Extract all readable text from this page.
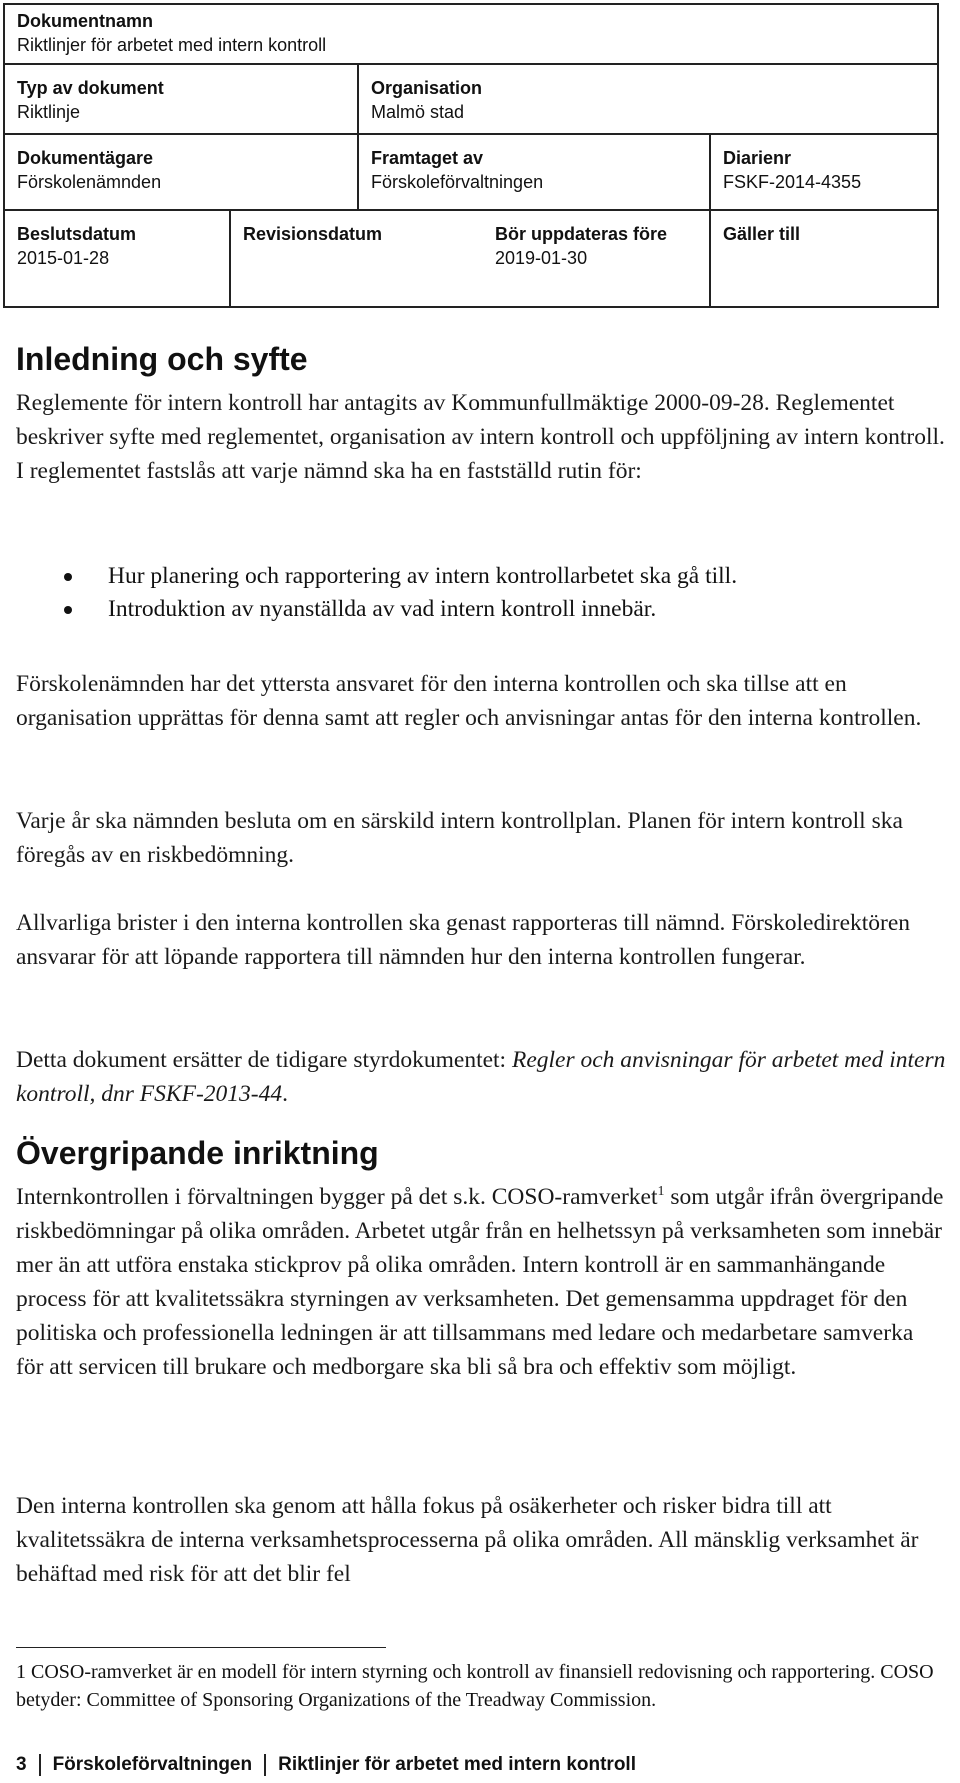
Dokumentnamn
Riktlinjer för arbetet med intern kontroll
Typ av dokument
Riktlinje
Organisation
Malmö stad
Dokumentägare
Förskolenämnden
Framtaget av
Förskoleförvaltningen
Diarienr
FSKF-2014-4355
Beslutsdatum
2015-01-28
Revisionsdatum	Bör uppdateras före
2019-01-30
Gäller till
Inledning och syfte

Reglemente för intern kontroll har antagits av Kommunfullmäktige 2000-09-28. Reglementet beskriver syfte med reglementet, organisation av intern kontroll och uppföljning av intern kontroll. I reglementet fastslås att varje nämnd ska ha en fastställd rutin för:

Hur planering och rapportering av intern kontrollarbetet ska gå till.
Introduktion av nyanställda av vad intern kontroll innebär.

Förskolenämnden har det yttersta ansvaret för den interna kontrollen och ska tillse att en organisation upprättas för denna samt att regler och anvisningar antas för den interna kontrollen.

Varje år ska nämnden besluta om en särskild intern kontrollplan. Planen för intern kontroll ska föregås av en riskbedömning.

Allvarliga brister i den interna kontrollen ska genast rapporteras till nämnd. Förskoledirektören ansvarar för att löpande rapportera till nämnden hur den interna kontrollen fungerar.

Detta dokument ersätter de tidigare styrdokumentet: Regler och anvisningar för arbetet med intern kontroll, dnr FSKF-2013-44.

Övergripande inriktning

Internkontrollen i förvaltningen bygger på det s.k. COSO-ramverket$^1$ som utgår ifrån övergripande riskbedömningar på olika områden. Arbetet utgår från en helhetssyn på verksamheten som innebär mer än att utföra enstaka stickprov på olika områden. Intern kontroll är en sammanhängande process för att kvalitetssäkra styrningen av verksamheten. Det gemensamma uppdraget för den politiska och professionella ledningen är att tillsammans med ledare och medarbetare samverka för att servicen till brukare och medborgare ska bli så bra och effektiv som möjligt.

Den interna kontrollen ska genom att hålla fokus på osäkerheter och risker bidra till att kvalitetssäkra de interna verksamhetsprocesserna på olika områden. All mänsklig verksamhet är behäftad med risk för att det blir fel

1 COSO-ramverket är en modell för intern styrning och kontroll av finansiell redovisning och rapportering. COSO betyder: Committee of Sponsoring Organizations of the Treadway Commission.

3 Förskoleförvaltningen Riktlinjer för arbetet med intern kontroll
